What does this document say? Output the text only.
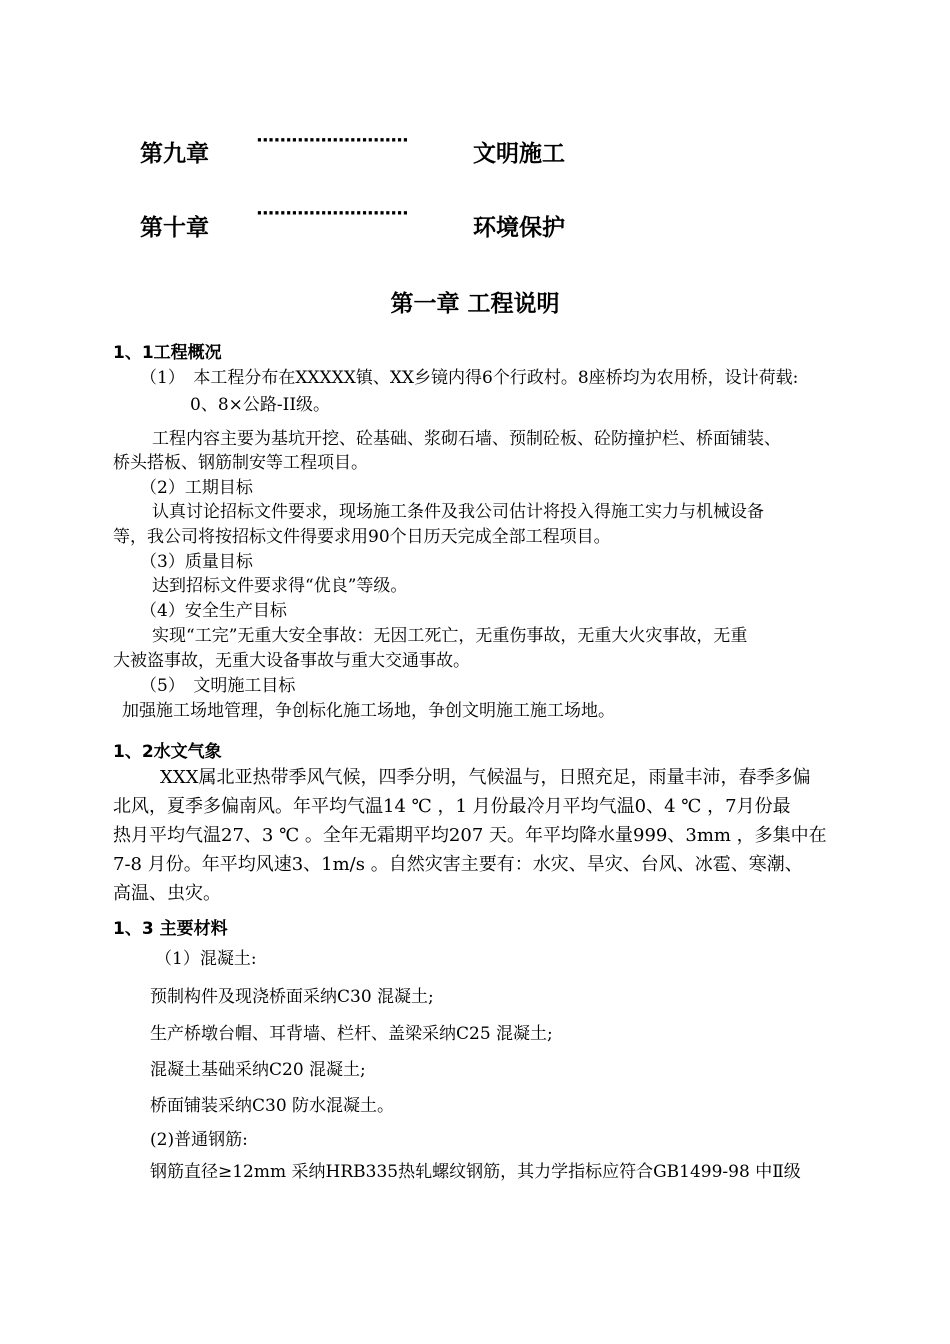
第九章
··························
文明施工
第十章
··························
环境保护
第一章 工程说明
1、1工程概况
（1）　本工程分布在XXXXX镇、XX乡镜内得6个行政村。8座桥均为农用桥，设计荷载:
0、8×公路-II级。
工程内容主要为基坑开挖、砼基础、浆砌石墙、预制砼板、砼防撞护栏、桥面铺装、
桥头搭板、钢筋制安等工程项目。
（2）工期目标
认真讨论招标文件要求，现场施工条件及我公司估计将投入得施工实力与机械设备
等，我公司将按招标文件得要求用90个日历天完成全部工程项目。
（3）质量目标
达到招标文件要求得“优良”等级。
（4）安全生产目标
实现“工完”无重大安全事故：无因工死亡，无重伤事故，无重大火灾事故，无重
大被盗事故，无重大设备事故与重大交通事故。
（5）　文明施工目标
加强施工场地管理，争创标化施工场地，争创文明施工施工场地。
1、2水文气象
XXX属北亚热带季风气候，四季分明，气候温与，日照充足，雨量丰沛，春季多偏
北风，夏季多偏南风。年平均气温14 ℃ ，1 月份最冷月平均气温0、4 ℃ ，7月份最
热月平均气温27、3 ℃ 。全年无霜期平均207 天。年平均降水量999、3mm ，多集中在
7-8 月份。年平均风速3、1m/s 。自然灾害主要有：水灾、旱灾、台风、冰雹、寒潮、
高温、虫灾。
1、3 主要材料
（1）混凝土:
预制构件及现浇桥面采纳C30 混凝土;
生产桥墩台帽、耳背墙、栏杆、盖梁采纳C25 混凝土;
混凝土基础采纳C20 混凝土;
桥面铺装采纳C30 防水混凝土。
(2)普通钢筋:
钢筋直径≥12mm 采纳HRB335热轧螺纹钢筋，其力学指标应符合GB1499-98 中Ⅱ级
